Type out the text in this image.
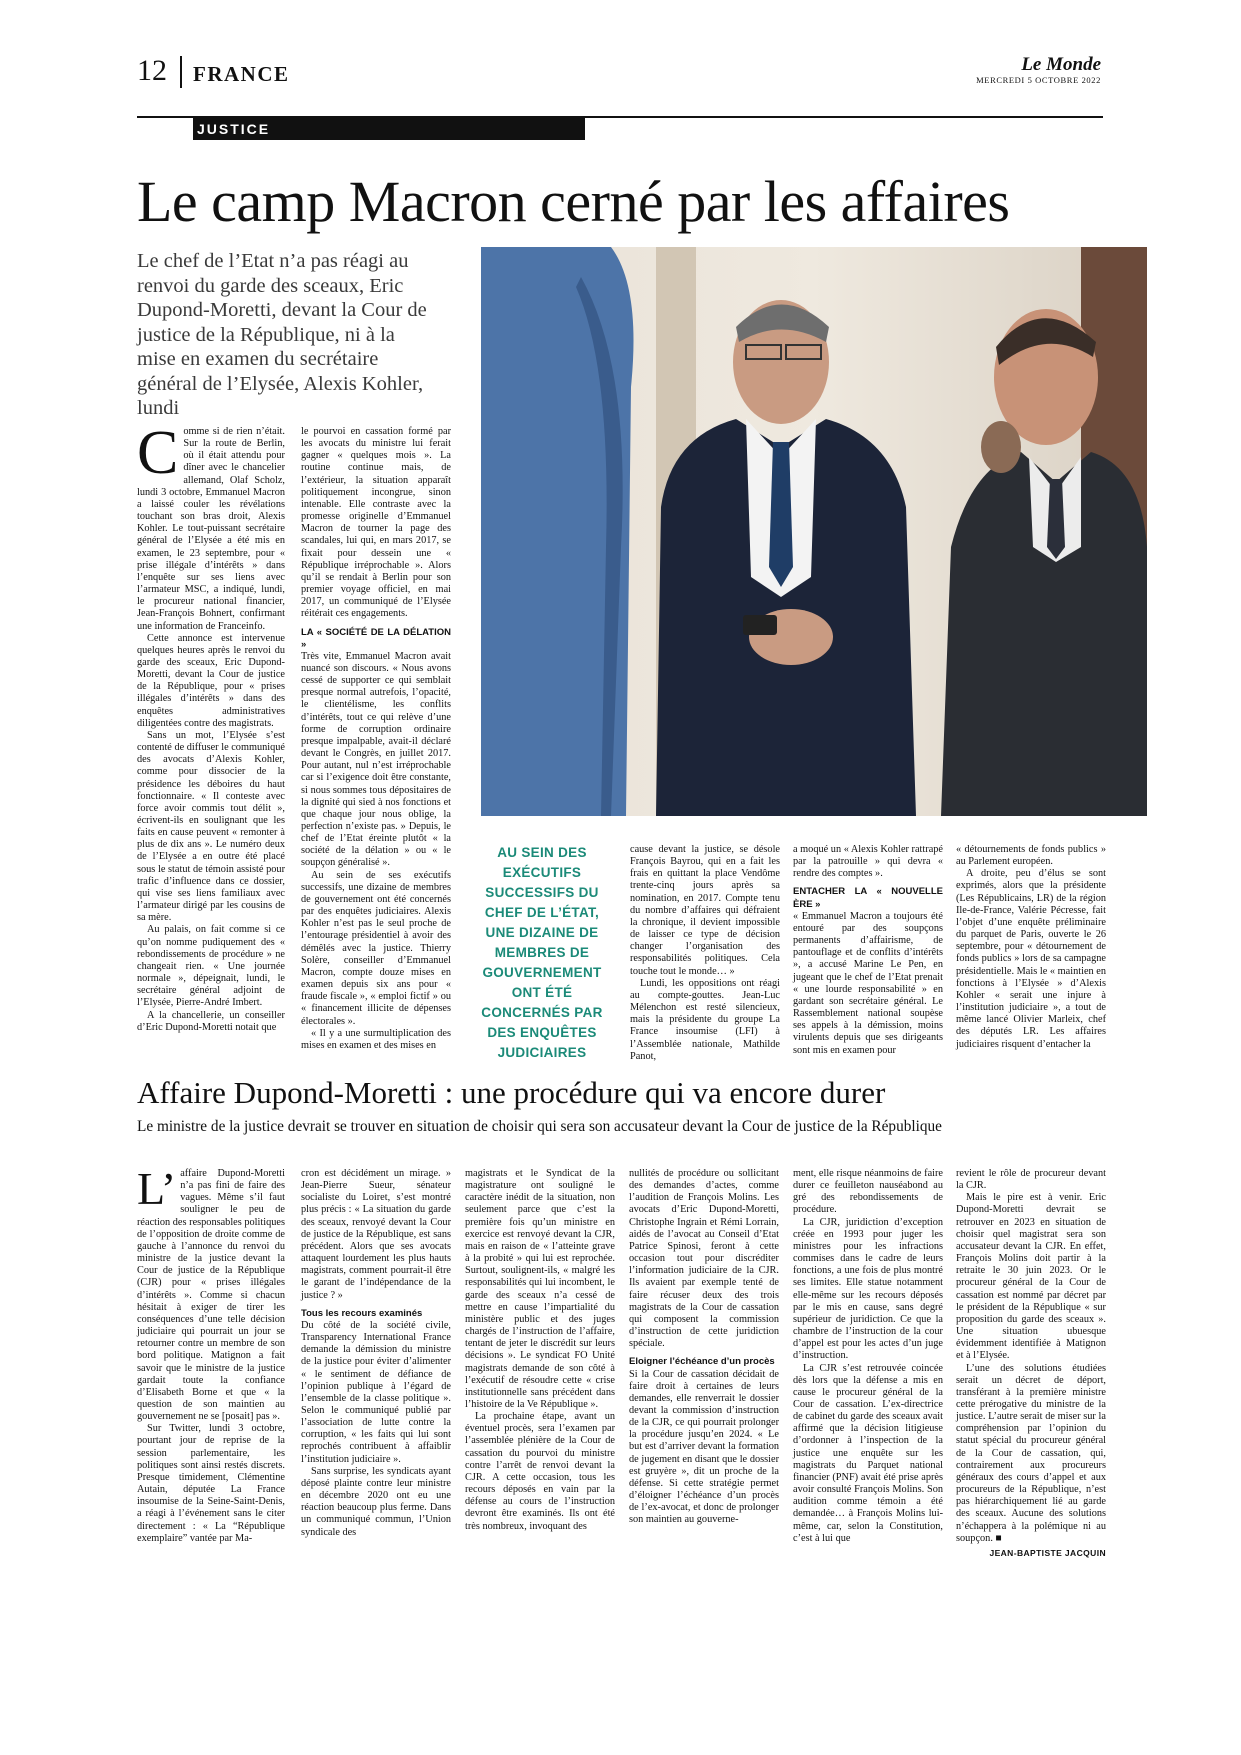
12 FRANCE	Le Monde
MERCREDI 5 OCTOBRE 2022
JUSTICE
Le camp Macron cerné par les affaires
Le chef de l’Etat n’a pas réagi au renvoi du garde des sceaux, Eric Dupond-Moretti, devant la Cour de justice de la République, ni à la mise en examen du secrétaire général de l’Elysée, Alexis Kohler, lundi
C omme si de rien n’était. Sur la route de Berlin, où il était attendu pour dîner avec le chancelier allemand, Olaf Scholz, lundi 3 octobre, Emmanuel Macron a laissé couler les révélations touchant son bras droit, Alexis Kohler. Le tout-puissant secrétaire général de l’Elysée a été mis en examen, le 23 septembre, pour « prise illégale d’intérêts » dans l’enquête sur ses liens avec l’armateur MSC, a indiqué, lundi, le procureur national financier, Jean-François Bohnert, confirmant une information de Franceinfo.

Cette annonce est intervenue quelques heures après le renvoi du garde des sceaux, Eric Dupond-Moretti, devant la Cour de justice de la République, pour « prises illégales d’intérêts » dans des enquêtes administratives diligentées contre des magistrats.

Sans un mot, l’Elysée s’est contenté de diffuser le communiqué des avocats d’Alexis Kohler, comme pour dissocier de la présidence les déboires du haut fonctionnaire. « Il conteste avec force avoir commis tout délit », écrivent-ils en soulignant que les faits en cause peuvent « remonter à plus de dix ans ». Le numéro deux de l’Elysée a en outre été placé sous le statut de témoin assisté pour trafic d’influence dans ce dossier, qui vise ses liens familiaux avec l’armateur dirigé par les cousins de sa mère.

Au palais, on fait comme si ce qu’on nomme pudiquement des « rebondissements de procédure » ne changeait rien. « Une journée normale », dépeignait, lundi, le secrétaire général adjoint de l’Elysée, Pierre-André Imbert.

A la chancellerie, un conseiller d’Eric Dupond-Moretti notait que

le pourvoi en cassation formé par les avocats du ministre lui ferait gagner « quelques mois ». La routine continue mais, de l’extérieur, la situation apparaît politiquement incongrue, sinon intenable. Elle contraste avec la promesse originelle d’Emmanuel Macron de tourner la page des scandales, lui qui, en mars 2017, se fixait pour dessein une « République irréprochable ». Alors qu’il se rendait à Berlin pour son premier voyage officiel, en mai 2017, un communiqué de l’Elysée réitérait ces engagements.

LA « SOCIÉTÉ DE LA DÉLATION »

Très vite, Emmanuel Macron avait nuancé son discours. « Nous avons cessé de supporter ce qui semblait presque normal autrefois, l’opacité, le clientélisme, les conflits d’intérêts, tout ce qui relève d’une forme de corruption ordinaire presque impalpable, avait-il déclaré devant le Congrès, en juillet 2017. Pour autant, nul n’est irréprochable car si l’exigence doit être constante, si nous sommes tous dépositaires de la dignité qui sied à nos fonctions et que chaque jour nous oblige, la perfection n’existe pas. » Depuis, le chef de l’Etat éreinte plutôt « la société de la délation » ou « le soupçon généralisé ».

Au sein de ses exécutifs successifs, une dizaine de membres de gouvernement ont été concernés par des enquêtes judiciaires. Alexis Kohler n’est pas le seul proche de l’entourage présidentiel à avoir des démêlés avec la justice. Thierry Solère, conseiller d’Emmanuel Macron, compte douze mises en examen depuis six ans pour « fraude fiscale », « emploi fictif » ou « financement illicite de dépenses électorales ».

« Il y a une surmultiplication des mises en examen et des mises en

AU SEIN DES EXÉCUTIFS SUCCESSIFS DU CHEF DE L’ÉTAT, UNE DIZAINE DE MEMBRES DE GOUVERNEMENT ONT ÉTÉ CONCERNÉS PAR DES ENQUÊTES JUDICIAIRES

cause devant la justice, se désole François Bayrou, qui en a fait les frais en quittant la place Vendôme trente-cinq jours après sa nomination, en 2017. Compte tenu du nombre d’affaires qui défraient la chronique, il devient impossible de laisser ce type de décision changer l’organisation des responsabilités politiques. Cela touche tout le monde… »

Lundi, les oppositions ont réagi au compte-gouttes. Jean-Luc Mélenchon est resté silencieux, mais la présidente du groupe La France insoumise (LFI) à l’Assemblée nationale, Mathilde Panot,

a moqué un « Alexis Kohler rattrapé par la patrouille » qui devra « rendre des comptes ».

ENTACHER LA « NOUVELLE ÈRE »

« Emmanuel Macron a toujours été entouré par des soupçons permanents d’affairisme, de pantouflage et de conflits d’intérêts », a accusé Marine Le Pen, en jugeant que le chef de l’Etat prenait « une lourde responsabilité » en gardant son secrétaire général. Le Rassemblement national soupèse ses appels à la démission, moins virulents depuis que ses dirigeants sont mis en examen pour

« détournements de fonds publics » au Parlement européen.

A droite, peu d’élus se sont exprimés, alors que la présidente (Les Républicains, LR) de la région Ile-de-France, Valérie Pécresse, fait l’objet d’une enquête préliminaire du parquet de Paris, ouverte le 26 septembre, pour « détournement de fonds publics » lors de sa campagne présidentielle. Mais le « maintien en fonctions à l’Elysée » d’Alexis Kohler « serait une injure à l’institution judiciaire », a tout de même lancé Olivier Marleix, chef des députés LR. Les affaires judiciaires risquent d’entacher la

Affaire Dupond-Moretti : une procédure qui va encore durer
Le ministre de la justice devrait se trouver en situation de choisir qui sera son accusateur devant la Cour de justice de la République
L’ affaire Dupond-Moretti n’a pas fini de faire des vagues. Même s’il faut souligner le peu de réaction des responsables politiques de l’opposition de droite comme de gauche à l’annonce du renvoi du ministre de la justice devant la Cour de justice de la République (CJR) pour « prises illégales d’intérêts ». Comme si chacun hésitait à exiger de tirer les conséquences d’une telle décision judiciaire qui pourrait un jour se retourner contre un membre de son bord politique. Matignon a fait savoir que le ministre de la justice gardait toute la confiance d’Elisabeth Borne et que « la question de son maintien au gouvernement ne se [posait] pas ».

Sur Twitter, lundi 3 octobre, pourtant jour de reprise de la session parlementaire, les politiques sont ainsi restés discrets. Presque timidement, Clémentine Autain, députée La France insoumise de la Seine-Saint-Denis, a réagi à l’événement sans le citer directement : « La “République exemplaire” vantée par Ma-

cron est décidément un mirage. » Jean-Pierre Sueur, sénateur socialiste du Loiret, s’est montré plus précis : « La situation du garde des sceaux, renvoyé devant la Cour de justice de la République, est sans précédent. Alors que ses avocats attaquent lourdement les plus hauts magistrats, comment pourrait-il être le garant de l’indépendance de la justice ? »

Tous les recours examinés

Du côté de la société civile, Transparency International France demande la démission du ministre de la justice pour éviter d’alimenter « le sentiment de défiance de l’opinion publique à l’égard de l’ensemble de la classe politique ». Selon le communiqué publié par l’association de lutte contre la corruption, « les faits qui lui sont reprochés contribuent à affaiblir l’institution judiciaire ».

Sans surprise, les syndicats ayant déposé plainte contre leur ministre en décembre 2020 ont eu une réaction beaucoup plus ferme. Dans un communiqué commun, l’Union syndicale des

magistrats et le Syndicat de la magistrature ont souligné le caractère inédit de la situation, non seulement parce que c’est la première fois qu’un ministre en exercice est renvoyé devant la CJR, mais en raison de « l’atteinte grave à la probité » qui lui est reprochée. Surtout, soulignent-ils, « malgré les responsabilités qui lui incombent, le garde des sceaux n’a cessé de mettre en cause l’impartialité du ministère public et des juges chargés de l’instruction de l’affaire, tentant de jeter le discrédit sur leurs décisions ». Le syndicat FO Unité magistrats demande de son côté à l’exécutif de résoudre cette « crise institutionnelle sans précédent dans l’histoire de la Ve République ».

La prochaine étape, avant un éventuel procès, sera l’examen par l’assemblée plénière de la Cour de cassation du pourvoi du ministre contre l’arrêt de renvoi devant la CJR. A cette occasion, tous les recours déposés en vain par la défense au cours de l’instruction devront être examinés. Ils ont été très nombreux, invoquant des

nullités de procédure ou sollicitant des demandes d’actes, comme l’audition de François Molins. Les avocats d’Eric Dupond-Moretti, Christophe Ingrain et Rémi Lorrain, aidés de l’avocat au Conseil d’Etat Patrice Spinosi, feront à cette occasion tout pour discréditer l’information judiciaire de la CJR. Ils avaient par exemple tenté de faire récuser deux des trois magistrats de la Cour de cassation qui composent la commission d’instruction de cette juridiction spéciale.

Eloigner l’échéance d’un procès

Si la Cour de cassation décidait de faire droit à certaines de leurs demandes, elle renverrait le dossier devant la commission d’instruction de la CJR, ce qui pourrait prolonger la procédure jusqu’en 2024. « Le but est d’arriver devant la formation de jugement en disant que le dossier est gruyère », dit un proche de la défense. Si cette stratégie permet d’éloigner l’échéance d’un procès de l’ex-avocat, et donc de prolonger son maintien au gouverne-

ment, elle risque néanmoins de faire durer ce feuilleton nauséabond au gré des rebondissements de procédure.

La CJR, juridiction d’exception créée en 1993 pour juger les ministres pour les infractions commises dans le cadre de leurs fonctions, a une fois de plus montré ses limites. Elle statue notamment elle-même sur les recours déposés par le mis en cause, sans degré supérieur de juridiction. Ce que la chambre de l’instruction de la cour d’appel est pour les actes d’un juge d’instruction.

La CJR s’est retrouvée coincée dès lors que la défense a mis en cause le procureur général de la Cour de cassation. L’ex-directrice de cabinet du garde des sceaux avait affirmé que la décision litigieuse d’ordonner à l’inspection de la justice une enquête sur les magistrats du Parquet national financier (PNF) avait été prise après avoir consulté François Molins. Son audition comme témoin a été demandée… à François Molins lui-même, car, selon la Constitution, c’est à lui que

revient le rôle de procureur devant la CJR.

Mais le pire est à venir. Eric Dupond-Moretti devrait se retrouver en 2023 en situation de choisir quel magistrat sera son accusateur devant la CJR. En effet, François Molins doit partir à la retraite le 30 juin 2023. Or le procureur général de la Cour de cassation est nommé par décret par le président de la République « sur proposition du garde des sceaux ». Une situation ubuesque évidemment identifiée à Matignon et à l’Elysée.

L’une des solutions étudiées serait un décret de déport, transférant à la première ministre cette prérogative du ministre de la justice. L’autre serait de miser sur la compréhension par l’opinion du statut spécial du procureur général de la Cour de cassation, qui, contrairement aux procureurs généraux des cours d’appel et aux procureurs de la République, n’est pas hiérarchiquement lié au garde des sceaux. Aucune des solutions n’échappera à la polémique ni au soupçon. ■

JEAN-BAPTISTE JACQUIN
